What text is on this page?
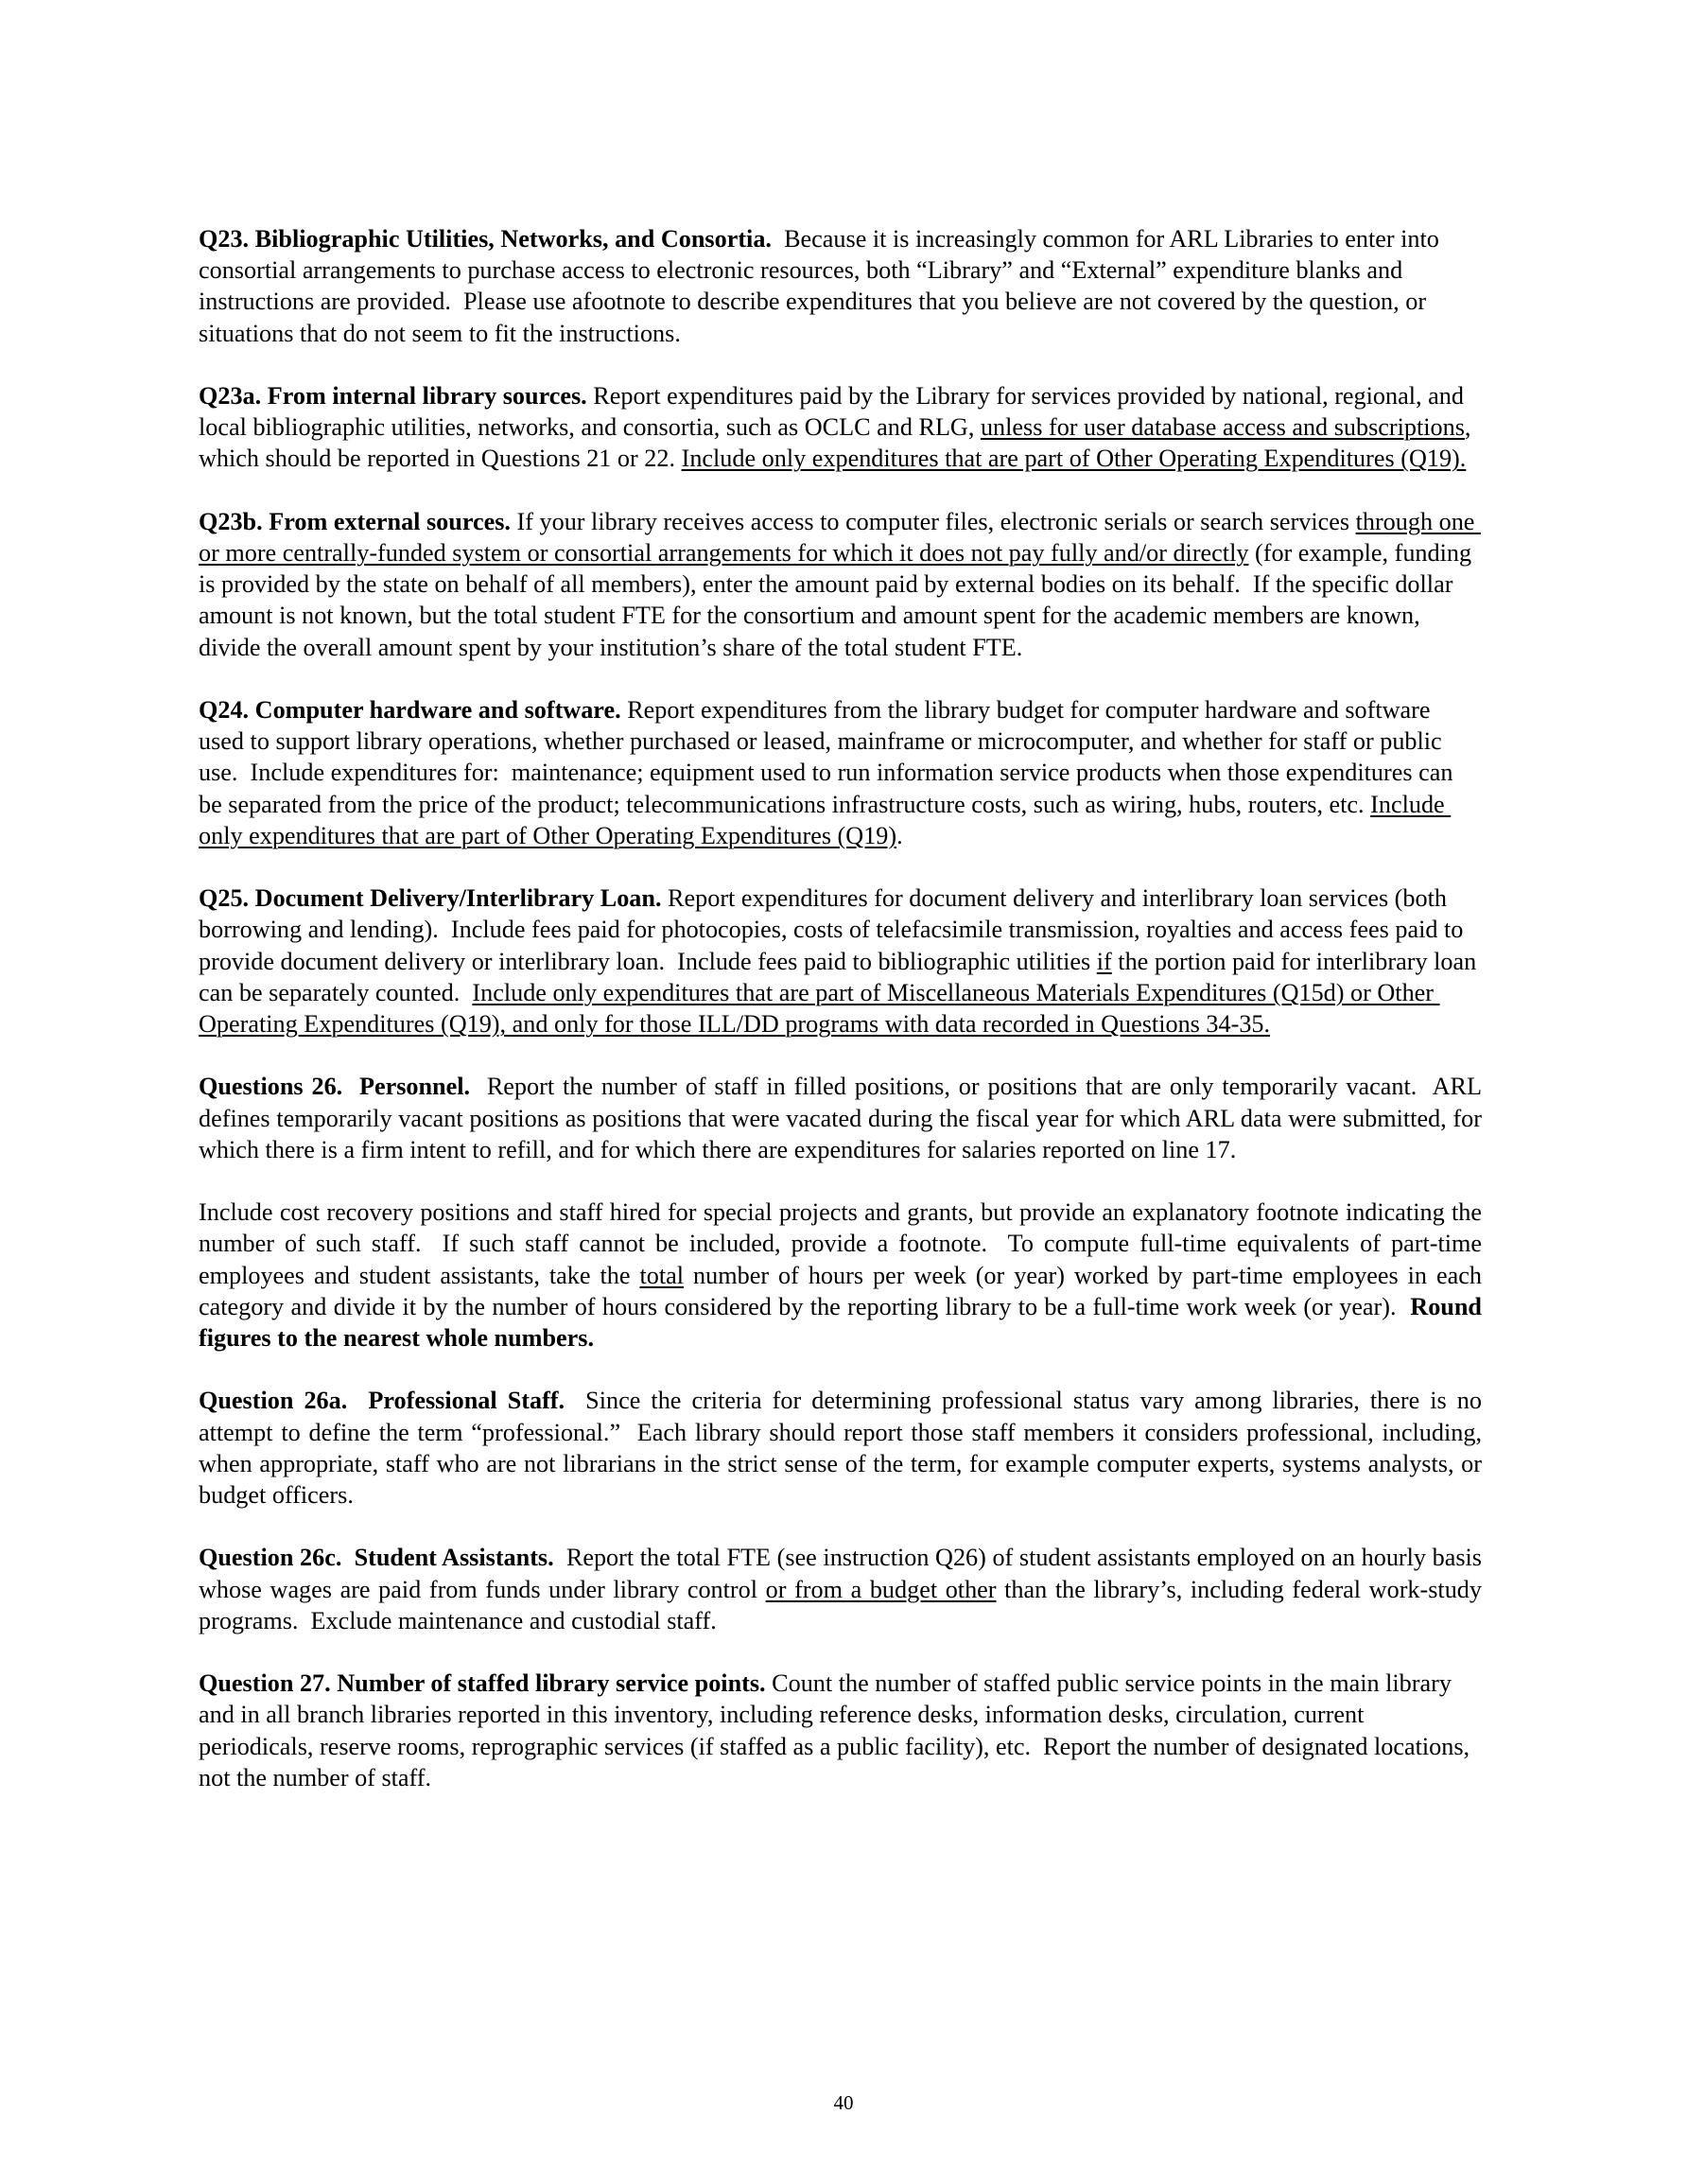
Q23. Bibliographic Utilities, Networks, and Consortia.  Because it is increasingly common for ARL Libraries to enter into consortial arrangements to purchase access to electronic resources, both “Library” and “External” expenditure blanks and instructions are provided.  Please use afootnote to describe expenditures that you believe are not covered by the question, or situations that do not seem to fit the instructions.

Q23a. From internal library sources. Report expenditures paid by the Library for services provided by national, regional, and local bibliographic utilities, networks, and consortia, such as OCLC and RLG, unless for user database access and subscriptions, which should be reported in Questions 21 or 22. Include only expenditures that are part of Other Operating Expenditures (Q19).

Q23b. From external sources. If your library receives access to computer files, electronic serials or search services through one or more centrally-funded system or consortial arrangements for which it does not pay fully and/or directly (for example, funding is provided by the state on behalf of all members), enter the amount paid by external bodies on its behalf.  If the specific dollar amount is not known, but the total student FTE for the consortium and amount spent for the academic members are known, divide the overall amount spent by your institution’s share of the total student FTE.

Q24. Computer hardware and software. Report expenditures from the library budget for computer hardware and software used to support library operations, whether purchased or leased, mainframe or microcomputer, and whether for staff or public use.  Include expenditures for:  maintenance; equipment used to run information service products when those expenditures can be separated from the price of the product; telecommunications infrastructure costs, such as wiring, hubs, routers, etc. Include only expenditures that are part of Other Operating Expenditures (Q19).

Q25. Document Delivery/Interlibrary Loan. Report expenditures for document delivery and interlibrary loan services (both borrowing and lending).  Include fees paid for photocopies, costs of telefacsimile transmission, royalties and access fees paid to provide document delivery or interlibrary loan.  Include fees paid to bibliographic utilities if the portion paid for interlibrary loan can be separately counted.  Include only expenditures that are part of Miscellaneous Materials Expenditures (Q15d) or Other Operating Expenditures (Q19), and only for those ILL/DD programs with data recorded in Questions 34-35.

Questions 26.  Personnel.  Report the number of staff in filled positions, or positions that are only temporarily vacant.  ARL defines temporarily vacant positions as positions that were vacated during the fiscal year for which ARL data were submitted, for which there is a firm intent to refill, and for which there are expenditures for salaries reported on line 17.

Include cost recovery positions and staff hired for special projects and grants, but provide an explanatory footnote indicating the number of such staff.  If such staff cannot be included, provide a footnote.  To compute full-time equivalents of part-time employees and student assistants, take the total number of hours per week (or year) worked by part-time employees in each category and divide it by the number of hours considered by the reporting library to be a full-time work week (or year).  Round figures to the nearest whole numbers.

Question 26a.  Professional Staff.  Since the criteria for determining professional status vary among libraries, there is no attempt to define the term “professional.”  Each library should report those staff members it considers professional, including, when appropriate, staff who are not librarians in the strict sense of the term, for example computer experts, systems analysts, or budget officers.

Question 26c.  Student Assistants.  Report the total FTE (see instruction Q26) of student assistants employed on an hourly basis whose wages are paid from funds under library control or from a budget other than the library’s, including federal work-study programs.  Exclude maintenance and custodial staff.

Question 27. Number of staffed library service points. Count the number of staffed public service points in the main library and in all branch libraries reported in this inventory, including reference desks, information desks, circulation, current periodicals, reserve rooms, reprographic services (if staffed as a public facility), etc.  Report the number of designated locations, not the number of staff.

40
